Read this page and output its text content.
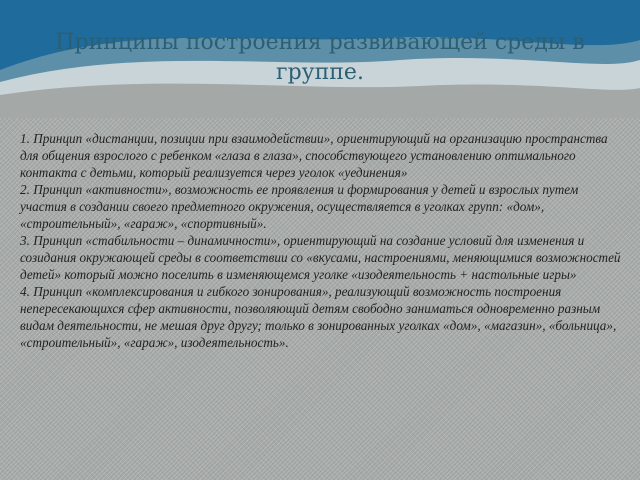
Принципы построения развивающей среды в группе.

1. Принцип «дистанции, позиции при взаимодействии», ориентирующий на организацию пространства для общения взрослого с ребенком «глаза в глаза», способствующего установлению оптимального контакта с детьми, который реализуется через уголок «уединения»

2. Принцип «активности», возможность ее проявления и формирования у детей и взрослых путем участия в создании своего предметного окружения, осуществляется в уголках групп: «дом», «строительный», «гараж», «спортивный».

3. Принцип «стабильности – динамичности», ориентирующий на создание условий для изменения и созидания окружающей среды в соответствии со «вкусами, настроениями, меняющимися возможностей детей» который можно поселить в изменяющемся уголке «изодеятельность + настольные игры»

4. Принцип «комплексирования и гибкого зонирования», реализующий возможность построения непересекающихся сфер активности, позволяющий детям свободно заниматься одновременно разным видам деятельности, не мешая друг другу; только в зонированных уголках «дом», «магазин», «больница», «строительный», «гараж», изодеятельность».
